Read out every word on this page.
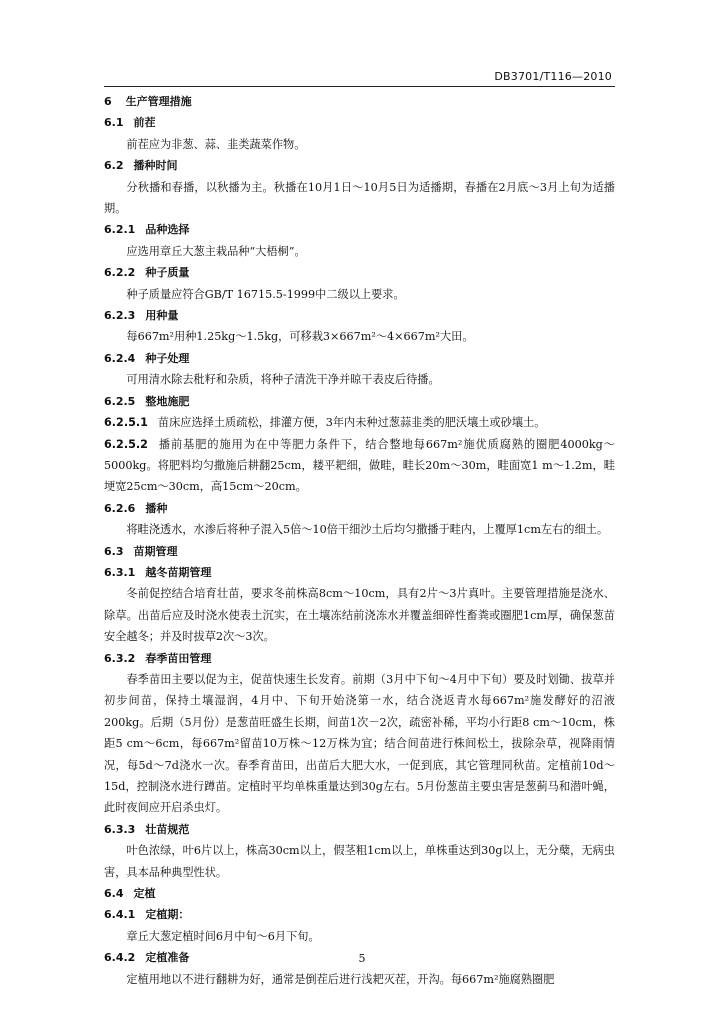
DB3701/T116—2010
6 生产管理措施
6.1 前茬

前茬应为非葱、蒜、韭类蔬菜作物。

6.2 播种时间

分秋播和春播，以秋播为主。秋播在10月1日～10月5日为适播期，春播在2月底～3月上旬为适播期。

6.2.1 品种选择

应选用章丘大葱主栽品种“大梧桐”。

6.2.2 种子质量

种子质量应符合GB/T 16715.5-1999中二级以上要求。

6.2.3 用种量

每667m²用种1.25kg～1.5kg，可移栽3×667m²～4×667m²大田。

6.2.4 种子处理

可用清水除去秕籽和杂质，将种子清洗干净并晾干表皮后待播。

6.2.5 整地施肥

6.2.5.1 苗床应选择土质疏松，排灌方便，3年内未种过葱蒜韭类的肥沃壤土或砂壤土。

6.2.5.2 播前基肥的施用为在中等肥力条件下，结合整地每667m²施优质腐熟的圈肥4000kg～5000kg。将肥料均匀撒施后耕翻25cm，耧平耙细，做畦，畦长20m～30m，畦面宽1 m～1.2m，畦埂宽25cm～30cm，高15cm～20cm。

6.2.6 播种

将畦浇透水，水渗后将种子混入5倍～10倍干细沙土后均匀撒播于畦内，上覆厚1cm左右的细土。

6.3 苗期管理
6.3.1 越冬苗期管理

冬前促控结合培育壮苗，要求冬前株高8cm～10cm，具有2片～3片真叶。主要管理措施是浇水、除草。出苗后应及时浇水使表土沉实，在土壤冻结前浇冻水并覆盖细碎性畜粪或圈肥1cm厚，确保葱苗安全越冬；并及时拔草2次～3次。

6.3.2 春季苗田管理

春季苗田主要以促为主，促苗快速生长发育。前期（3月中下旬～4月中下旬）要及时划锄、拔草并初步间苗，保持土壤湿润，4月中、下旬开始浇第一水，结合浇返青水每667m²施发酵好的沼液200kg。后期（5月份）是葱苗旺盛生长期，间苗1次－2次，疏密补稀，平均小行距8 cm～10cm，株距5 cm～6cm，每667m²留苗10万株～12万株为宜；结合间苗进行株间松土，拔除杂草，视降雨情况，每5d～7d浇水一次。春季育苗田，出苗后大肥大水，一促到底，其它管理同秋苗。定植前10d～15d，控制浇水进行蹲苗。定植时平均单株重量达到30g左右。5月份葱苗主要虫害是葱蓟马和潜叶蝇，此时夜间应开启杀虫灯。

6.3.3 壮苗规范

叶色浓绿，叶6片以上，株高30cm以上，假茎粗1cm以上，单株重达到30g以上，无分蘖，无病虫害，具本品种典型性状。

6.4 定植
6.4.1 定植期：

章丘大葱定植时间6月中旬～6月下旬。

6.4.2 定植准备

定植用地以不进行翻耕为好，通常是倒茬后进行浅耙灭茬，开沟。每667m²施腐熟圈肥

5
